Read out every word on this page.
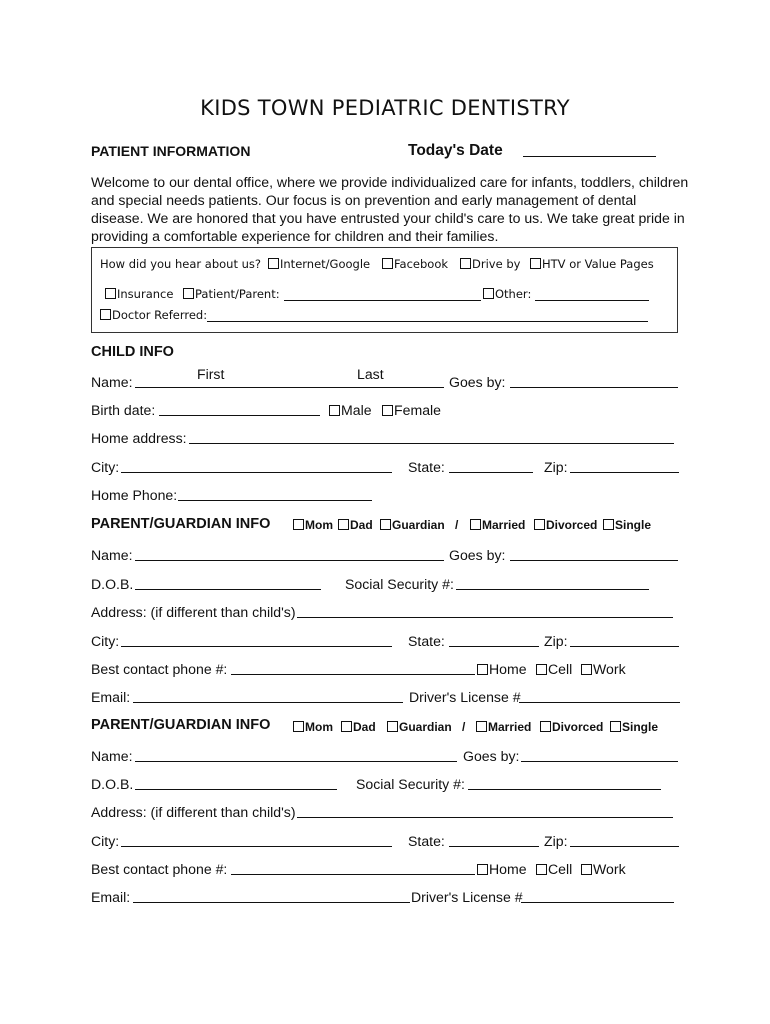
KIDS TOWN PEDIATRIC DENTISTRY
PATIENT INFORMATION	Today's Date
Welcome to our dental office, where we provide individualized care for infants, toddlers, children and special needs patients. Our focus is on prevention and early management of dental disease. We are honored that you have entrusted your child's care to us. We take great pride in providing a comfortable experience for children and their families.
How did you hear about us?	Internet/Google	Facebook	Drive by	HTV or Value Pages
Insurance	Patient/Parent:	Other:
Doctor Referred:
CHILD INFO
First	Last
Name:	Goes by:
Birth date:	Male	Female
Home address:
City:	State:	Zip:
Home Phone:
PARENT/GUARDIAN INFO	Mom	Dad	Guardian /	Married	Divorced	Single
Name:	Goes by:
D.O.B.	Social Security #:
Address: (if different than child's)
City:	State:	Zip:
Best contact phone #:	Home	Cell	Work
Email:	Driver's License #
PARENT/GUARDIAN INFO	Mom	Dad	Guardian /	Married	Divorced	Single
Name:	Goes by:
D.O.B.	Social Security #:
Address: (if different than child's)
City:	State:	Zip:
Best contact phone #:	Home	Cell	Work
Email:	Driver's License #
